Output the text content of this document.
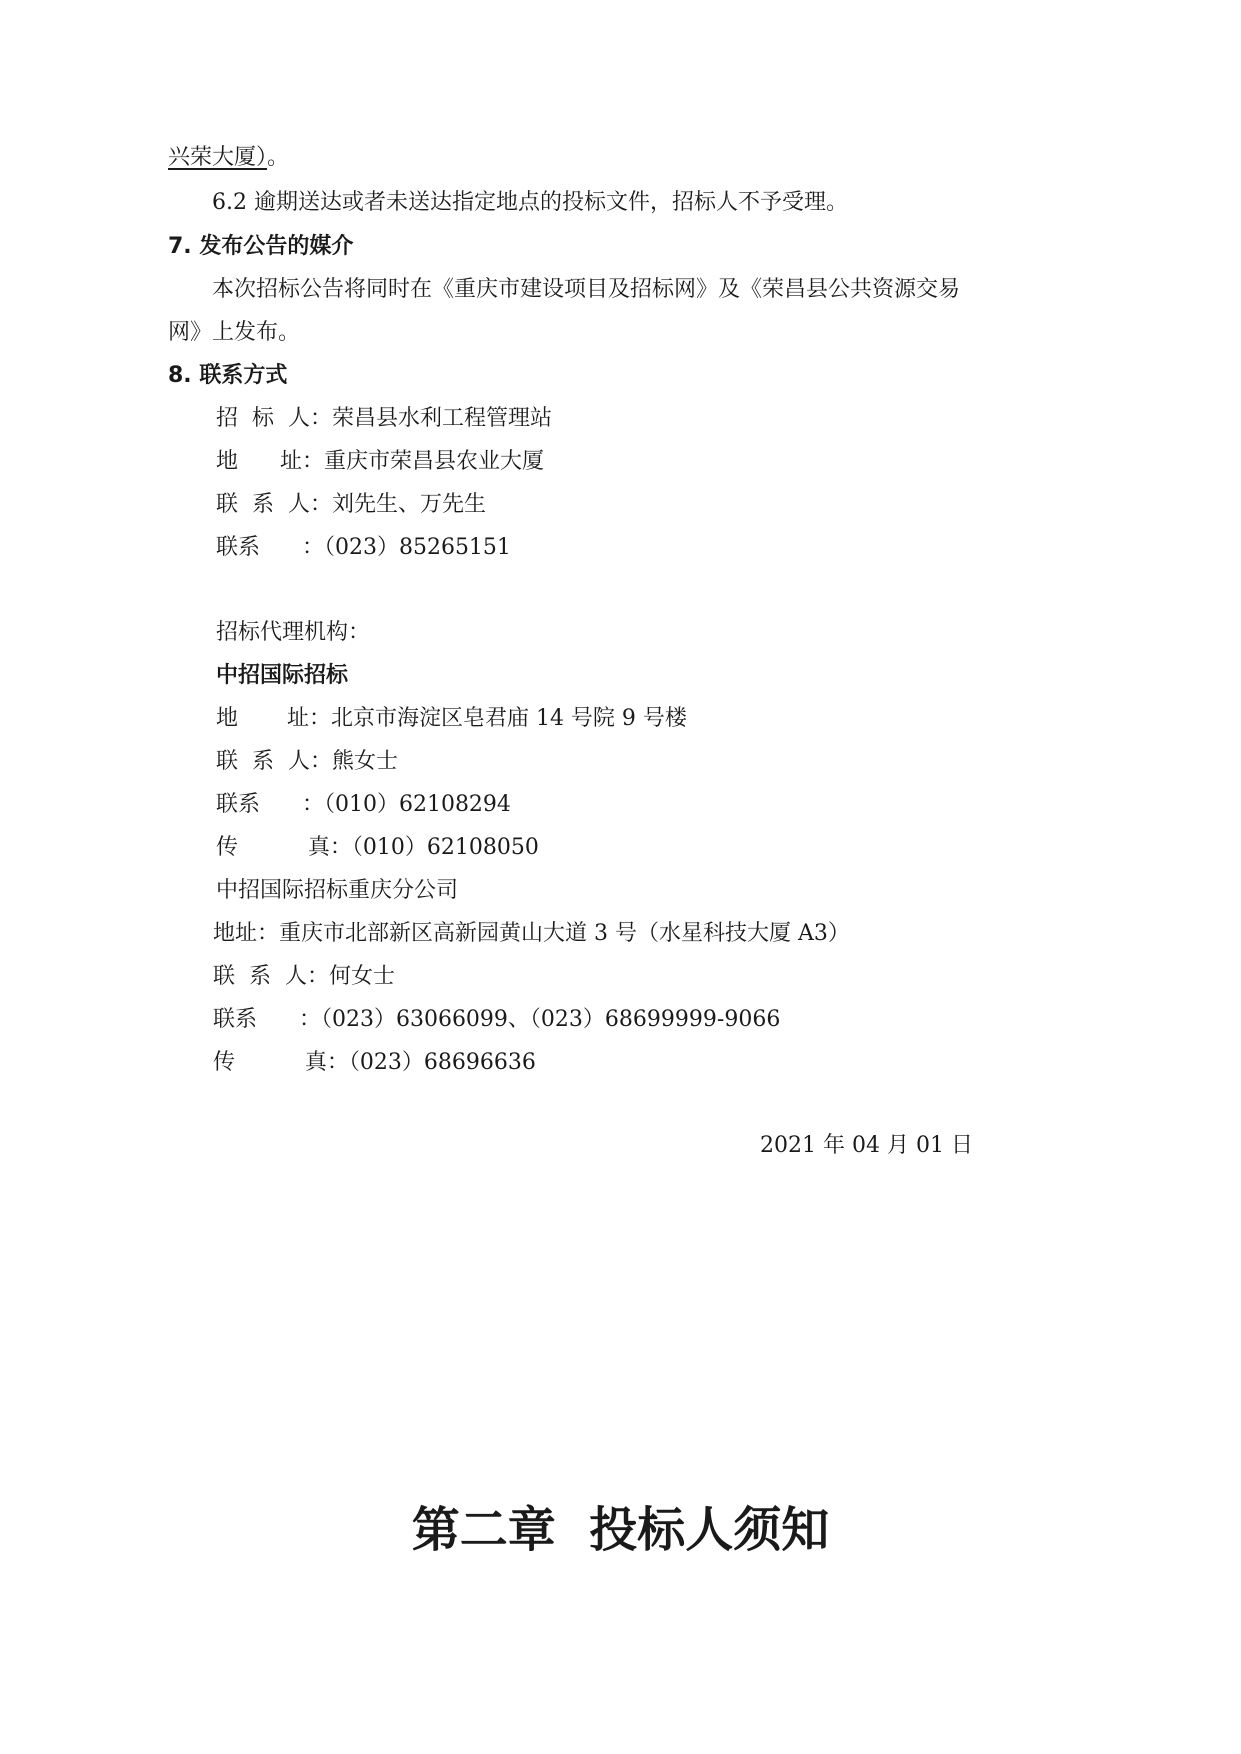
兴荣大厦）。
6.2 逾期送达或者未送达指定地点的投标文件，招标人不予受理。
7. 发布公告的媒介
本次招标公告将同时在《重庆市建设项目及招标网》及《荣昌县公共资源交易
网》上发布。
8. 联系方式
招  标  人：荣昌县水利工程管理站
地      址：重庆市荣昌县农业大厦
联  系  人：刘先生、万先生
联系      ：（023）85265151
招标代理机构：
中招国际招标
地       址：北京市海淀区皂君庙 14 号院 9 号楼
联  系  人：熊女士
联系      ：（010）62108294
传          真：（010）62108050
中招国际招标重庆分公司
地址：重庆市北部新区高新园黄山大道 3 号（水星科技大厦 A3）
联  系  人：何女士
联系      ：（023）63066099、（023）68699999-9066
传          真：（023）68696636
2021 年 04 月 01 日
第二章  投标人须知
